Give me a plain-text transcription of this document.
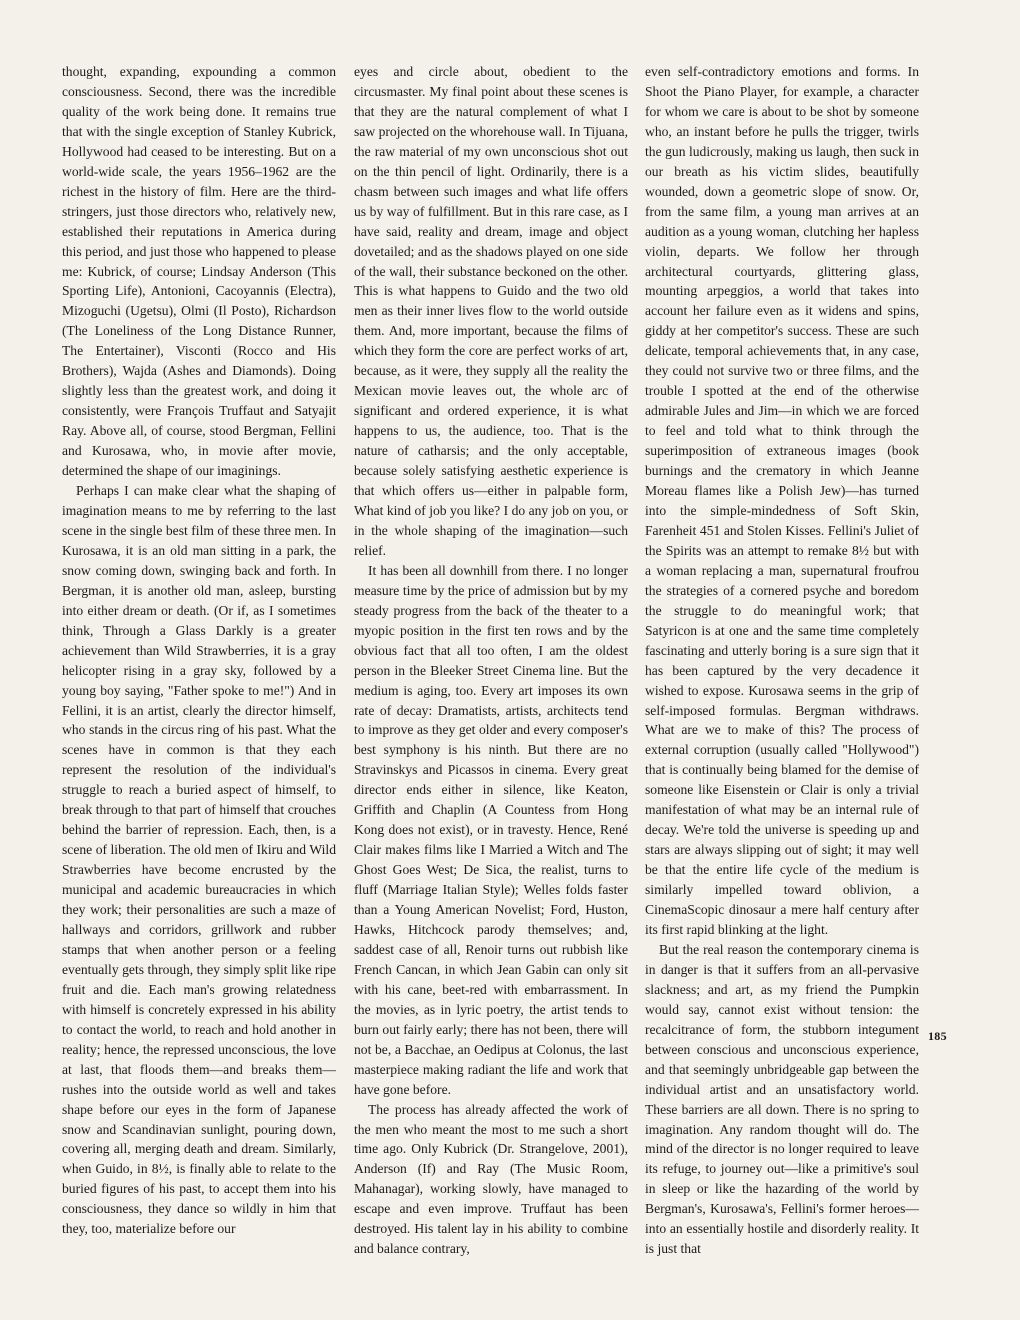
thought, expanding, expounding a common consciousness. Second, there was the incredible quality of the work being done. It remains true that with the single exception of Stanley Kubrick, Hollywood had ceased to be interesting. But on a world-wide scale, the years 1956–1962 are the richest in the history of film. Here are the third-stringers, just those directors who, relatively new, established their reputations in America during this period, and just those who happened to please me: Kubrick, of course; Lindsay Anderson (This Sporting Life), Antonioni, Cacoyannis (Electra), Mizoguchi (Ugetsu), Olmi (Il Posto), Richardson (The Loneliness of the Long Distance Runner, The Entertainer), Visconti (Rocco and His Brothers), Wajda (Ashes and Diamonds). Doing slightly less than the greatest work, and doing it consistently, were François Truffaut and Satyajit Ray. Above all, of course, stood Bergman, Fellini and Kurosawa, who, in movie after movie, determined the shape of our imaginings.

Perhaps I can make clear what the shaping of imagination means to me by referring to the last scene in the single best film of these three men. In Kurosawa, it is an old man sitting in a park, the snow coming down, swinging back and forth. In Bergman, it is another old man, asleep, bursting into either dream or death. (Or if, as I sometimes think, Through a Glass Darkly is a greater achievement than Wild Strawberries, it is a gray helicopter rising in a gray sky, followed by a young boy saying, "Father spoke to me!") And in Fellini, it is an artist, clearly the director himself, who stands in the circus ring of his past. What the scenes have in common is that they each represent the resolution of the individual's struggle to reach a buried aspect of himself, to break through to that part of himself that crouches behind the barrier of repression. Each, then, is a scene of liberation. The old men of Ikiru and Wild Strawberries have become encrusted by the municipal and academic bureaucracies in which they work; their personalities are such a maze of hallways and corridors, grillwork and rubber stamps that when another person or a feeling eventually gets through, they simply split like ripe fruit and die. Each man's growing relatedness with himself is concretely expressed in his ability to contact the world, to reach and hold another in reality; hence, the repressed unconscious, the love at last, that floods them—and breaks them—rushes into the outside world as well and takes shape before our eyes in the form of Japanese snow and Scandinavian sunlight, pouring down, covering all, merging death and dream. Similarly, when Guido, in 8½, is finally able to relate to the buried figures of his past, to accept them into his consciousness, they dance so wildly in him that they, too, materialize before our

eyes and circle about, obedient to the circusmaster. My final point about these scenes is that they are the natural complement of what I saw projected on the whorehouse wall. In Tijuana, the raw material of my own unconscious shot out on the thin pencil of light. Ordinarily, there is a chasm between such images and what life offers us by way of fulfillment. But in this rare case, as I have said, reality and dream, image and object dovetailed; and as the shadows played on one side of the wall, their substance beckoned on the other. This is what happens to Guido and the two old men as their inner lives flow to the world outside them. And, more important, because the films of which they form the core are perfect works of art, because, as it were, they supply all the reality the Mexican movie leaves out, the whole arc of significant and ordered experience, it is what happens to us, the audience, too. That is the nature of catharsis; and the only acceptable, because solely satisfying aesthetic experience is that which offers us—either in palpable form, What kind of job you like? I do any job on you, or in the whole shaping of the imagination—such relief.

It has been all downhill from there. I no longer measure time by the price of admission but by my steady progress from the back of the theater to a myopic position in the first ten rows and by the obvious fact that all too often, I am the oldest person in the Bleeker Street Cinema line. But the medium is aging, too. Every art imposes its own rate of decay: Dramatists, artists, architects tend to improve as they get older and every composer's best symphony is his ninth. But there are no Stravinskys and Picassos in cinema. Every great director ends either in silence, like Keaton, Griffith and Chaplin (A Countess from Hong Kong does not exist), or in travesty. Hence, René Clair makes films like I Married a Witch and The Ghost Goes West; De Sica, the realist, turns to fluff (Marriage Italian Style); Welles folds faster than a Young American Novelist; Ford, Huston, Hawks, Hitchcock parody themselves; and, saddest case of all, Renoir turns out rubbish like French Cancan, in which Jean Gabin can only sit with his cane, beet-red with embarrassment. In the movies, as in lyric poetry, the artist tends to burn out fairly early; there has not been, there will not be, a Bacchae, an Oedipus at Colonus, the last masterpiece making radiant the life and work that have gone before.

The process has already affected the work of the men who meant the most to me such a short time ago. Only Kubrick (Dr. Strangelove, 2001), Anderson (If) and Ray (The Music Room, Mahanagar), working slowly, have managed to escape and even improve. Truffaut has been destroyed. His talent lay in his ability to combine and balance contrary,

even self-contradictory emotions and forms. In Shoot the Piano Player, for example, a character for whom we care is about to be shot by someone who, an instant before he pulls the trigger, twirls the gun ludicrously, making us laugh, then suck in our breath as his victim slides, beautifully wounded, down a geometric slope of snow. Or, from the same film, a young man arrives at an audition as a young woman, clutching her hapless violin, departs. We follow her through architectural courtyards, glittering glass, mounting arpeggios, a world that takes into account her failure even as it widens and spins, giddy at her competitor's success. These are such delicate, temporal achievements that, in any case, they could not survive two or three films, and the trouble I spotted at the end of the otherwise admirable Jules and Jim—in which we are forced to feel and told what to think through the superimposition of extraneous images (book burnings and the crematory in which Jeanne Moreau flames like a Polish Jew)—has turned into the simple-mindedness of Soft Skin, Farenheit 451 and Stolen Kisses. Fellini's Juliet of the Spirits was an attempt to remake 8½ but with a woman replacing a man, supernatural froufrou the strategies of a cornered psyche and boredom the struggle to do meaningful work; that Satyricon is at one and the same time completely fascinating and utterly boring is a sure sign that it has been captured by the very decadence it wished to expose. Kurosawa seems in the grip of self-imposed formulas. Bergman withdraws. What are we to make of this? The process of external corruption (usually called "Hollywood") that is continually being blamed for the demise of someone like Eisenstein or Clair is only a trivial manifestation of what may be an internal rule of decay. We're told the universe is speeding up and stars are always slipping out of sight; it may well be that the entire life cycle of the medium is similarly impelled toward oblivion, a CinemaScopic dinosaur a mere half century after its first rapid blinking at the light.

But the real reason the contemporary cinema is in danger is that it suffers from an all-pervasive slackness; and art, as my friend the Pumpkin would say, cannot exist without tension: the recalcitrance of form, the stubborn integument between conscious and unconscious experience, and that seemingly unbridgeable gap between the individual artist and an unsatisfactory world. These barriers are all down. There is no spring to imagination. Any random thought will do. The mind of the director is no longer required to leave its refuge, to journey out—like a primitive's soul in sleep or like the hazarding of the world by Bergman's, Kurosawa's, Fellini's former heroes—into an essentially hostile and disorderly reality. It is just that

185
